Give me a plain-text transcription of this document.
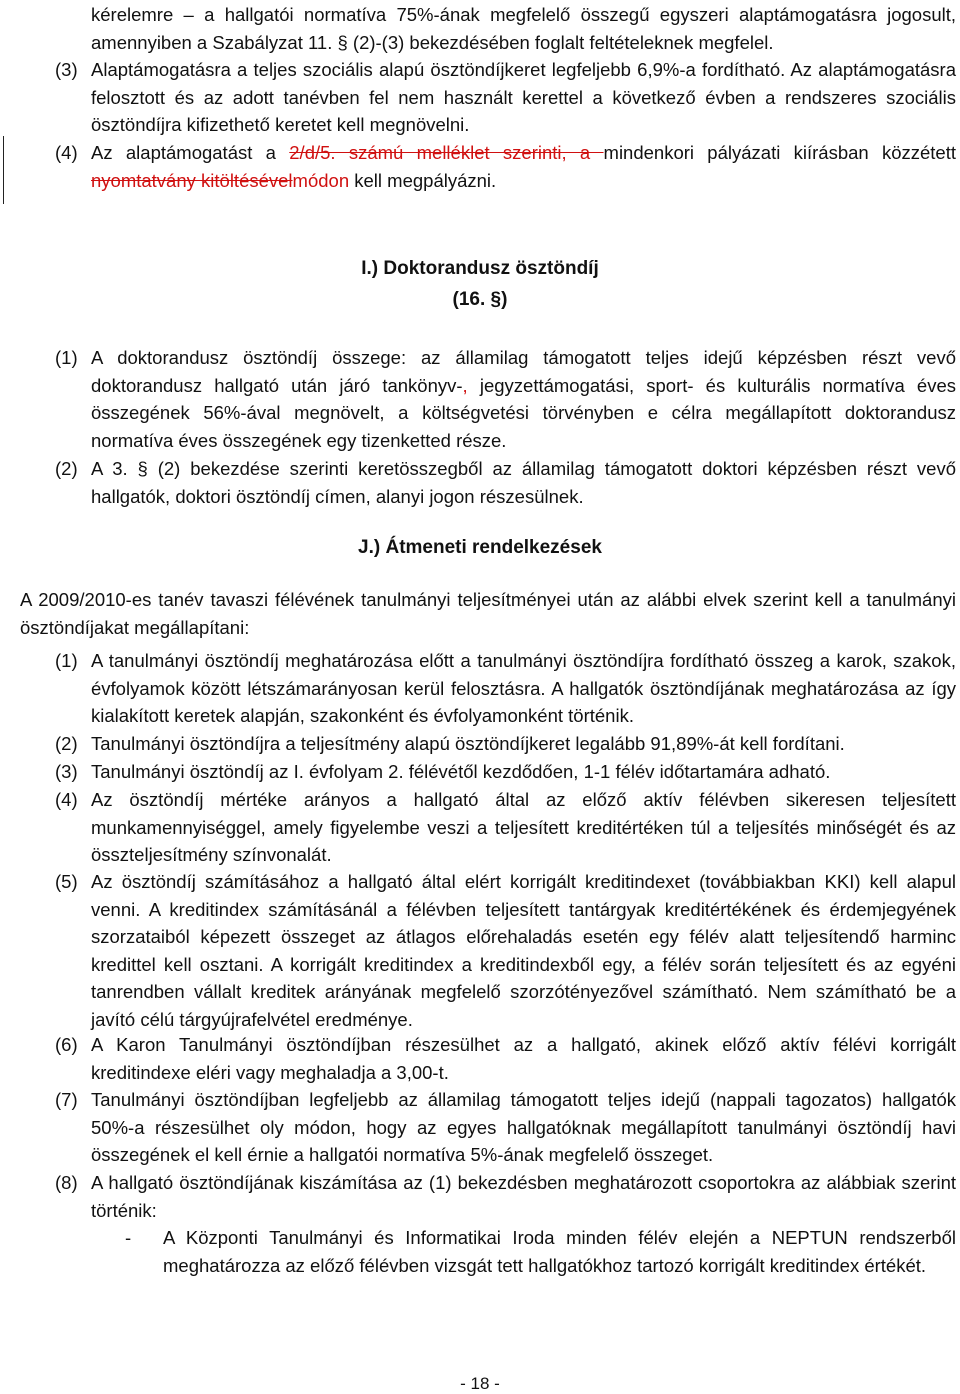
kérelemre – a hallgatói normatíva 75%-ának megfelelő összegű egyszeri alaptámogatásra jogosult, amennyiben a Szabályzat 11. § (2)-(3) bekezdésében foglalt feltételeknek megfelel.
(3) Alaptámogatásra a teljes szociális alapú ösztöndíjkeret legfeljebb 6,9%-a fordítható. Az alaptámogatásra felosztott és az adott tanévben fel nem használt kerettel a következő évben a rendszeres szociális ösztöndíjra kifizethető keretet kell megnövelni.
(4) Az alaptámogatást a 2/d/5. számú melléklet szerinti, a mindenkori pályázati kiírásban közzétett nyomtatvány kitöltésévelmódon kell megpályázni.
I.) Doktorandusz ösztöndíj
(16. §)
(1) A doktorandusz ösztöndíj összege: az államilag támogatott teljes idejű képzésben részt vevő doktorandusz hallgató után járó tankönyv-, jegyzettámogatási, sport- és kulturális normatíva éves összegének 56%-ával megnövelt, a költségvetési törvényben e célra megállapított doktorandusz normatíva éves összegének egy tizenketted része.
(2) A 3. § (2) bekezdése szerinti keretösszegből az államilag támogatott doktori képzésben részt vevő hallgatók, doktori ösztöndíj címen, alanyi jogon részesülnek.
J.) Átmeneti rendelkezések
A 2009/2010-es tanév tavaszi félévének tanulmányi teljesítményei után az alábbi elvek szerint kell a tanulmányi ösztöndíjakat megállapítani:
(1) A tanulmányi ösztöndíj meghatározása előtt a tanulmányi ösztöndíjra fordítható összeg a karok, szakok, évfolyamok között létszámarányosan kerül felosztásra. A hallgatók ösztöndíjának meghatározása az így kialakított keretek alapján, szakonként és évfolyamonként történik.
(2) Tanulmányi ösztöndíjra a teljesítmény alapú ösztöndíjkeret legalább 91,89%-át kell fordítani.
(3) Tanulmányi ösztöndíj az I. évfolyam 2. félévétől kezdődően, 1-1 félév időtartamára adható.
(4) Az ösztöndíj mértéke arányos a hallgató által az előző aktív félévben sikeresen teljesített munkamennyiséggel, amely figyelembe veszi a teljesített kreditértéken túl a teljesítés minőségét és az összteljesítmény színvonalát.
(5) Az ösztöndíj számításához a hallgató által elért korrigált kreditindexet (továbbiakban KKI) kell alapul venni. A kreditindex számításánál a félévben teljesített tantárgyak kreditértékének és érdemjegyének szorzataiból képezett összeget az átlagos előrehaladás esetén egy félév alatt teljesítendő harminc kredittel kell osztani. A korrigált kreditindex a kreditindexből egy, a félév során teljesített és az egyéni tanrendben vállalt kreditek arányának megfelelő szorzótényezővel számítható. Nem számítható be a javító célú tárgyújrafelvétel eredménye.
(6) A Karon Tanulmányi ösztöndíjban részesülhet az a hallgató, akinek előző aktív félévi korrigált kreditindexe eléri vagy meghaladja a 3,00-t.
(7) Tanulmányi ösztöndíjban legfeljebb az államilag támogatott teljes idejű (nappali tagozatos) hallgatók 50%-a részesülhet oly módon, hogy az egyes hallgatóknak megállapított tanulmányi ösztöndíj havi összegének el kell érnie a hallgatói normatíva 5%-ának megfelelő összeget.
(8) A hallgató ösztöndíjának kiszámítása az (1) bekezdésben meghatározott csoportokra az alábbiak szerint történik:
- A Központi Tanulmányi és Informatikai Iroda minden félév elején a NEPTUN rendszerből meghatározza az előző félévben vizsgát tett hallgatókhoz tartozó korrigált kreditindex értékét.
- 18 -
